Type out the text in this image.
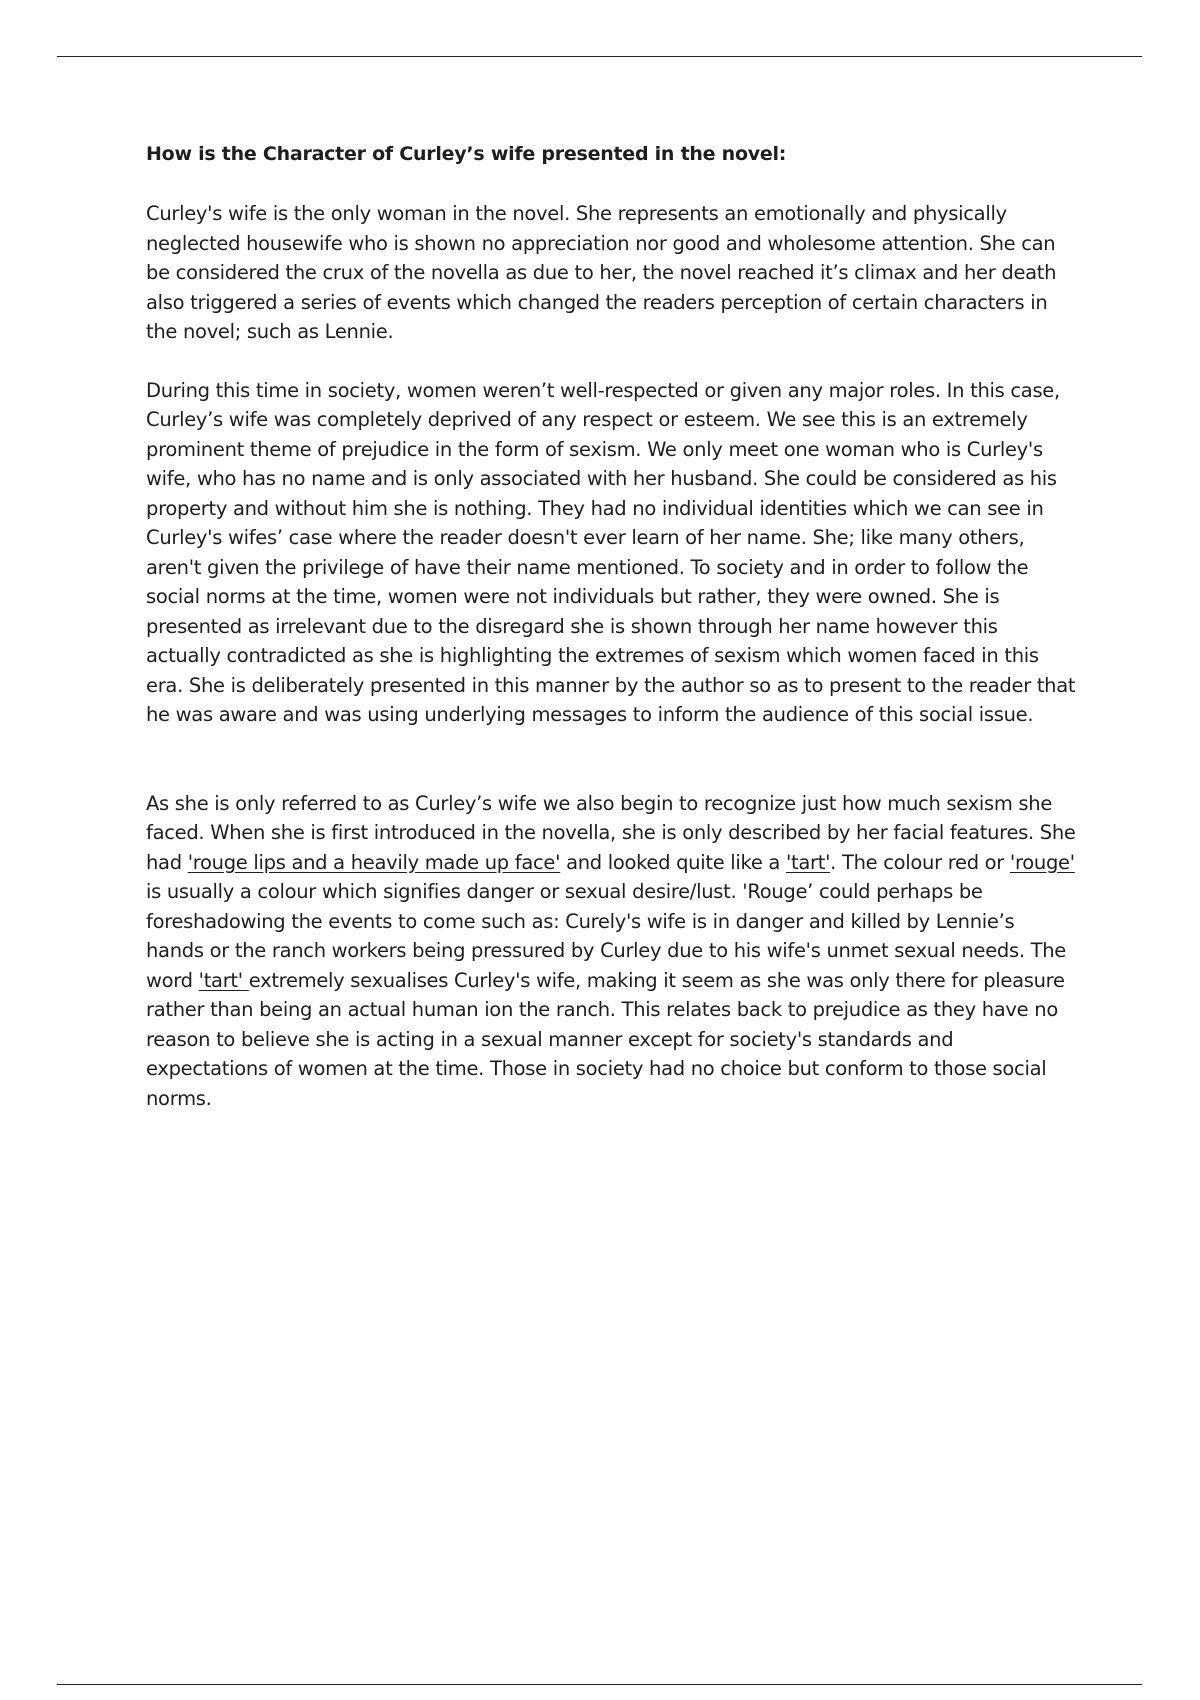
How is the Character of Curley’s wife presented in the novel:

Curley's wife is the only woman in the novel. She represents an emotionally and physically neglected housewife who is shown no appreciation nor good and wholesome attention. She can be considered the crux of the novella as due to her, the novel reached it’s climax and her death also triggered a series of events which changed the readers perception of certain characters in the novel; such as Lennie.

During this time in society, women weren’t well-respected or given any major roles. In this case, Curley’s wife was completely deprived of any respect or esteem. We see this is an extremely prominent theme of prejudice in the form of sexism. We only meet one woman who is Curley's wife, who has no name and is only associated with her husband. She could be considered as his property and without him she is nothing. They had no individual identities which we can see in Curley's wifes’ case where the reader doesn't ever learn of her name. She; like many others, aren't given the privilege of have their name mentioned. To society and in order to follow the social norms at the time, women were not individuals but rather, they were owned. She is presented as irrelevant due to the disregard she is shown through her name however this actually contradicted as she is highlighting the extremes of sexism which women faced in this era. She is deliberately presented in this manner by the author so as to present to the reader that he was aware and was using underlying messages to inform the audience of this social issue.

As she is only referred to as Curley’s wife we also begin to recognize just how much sexism she faced. When she is first introduced in the novella, she is only described by her facial features. She had 'rouge lips and a heavily made up face' and looked quite like a 'tart'. The colour red or 'rouge' is usually a colour which signifies danger or sexual desire/lust. 'Rouge’ could perhaps be foreshadowing the events to come such as: Curely's wife is in danger and killed by Lennie’s hands or the ranch workers being pressured by Curley due to his wife's unmet sexual needs. The word 'tart' extremely sexualises Curley's wife, making it seem as she was only there for pleasure rather than being an actual human ion the ranch. This relates back to prejudice as they have no reason to believe she is acting in a sexual manner except for society's standards and expectations of women at the time. Those in society had no choice but conform to those social norms.
